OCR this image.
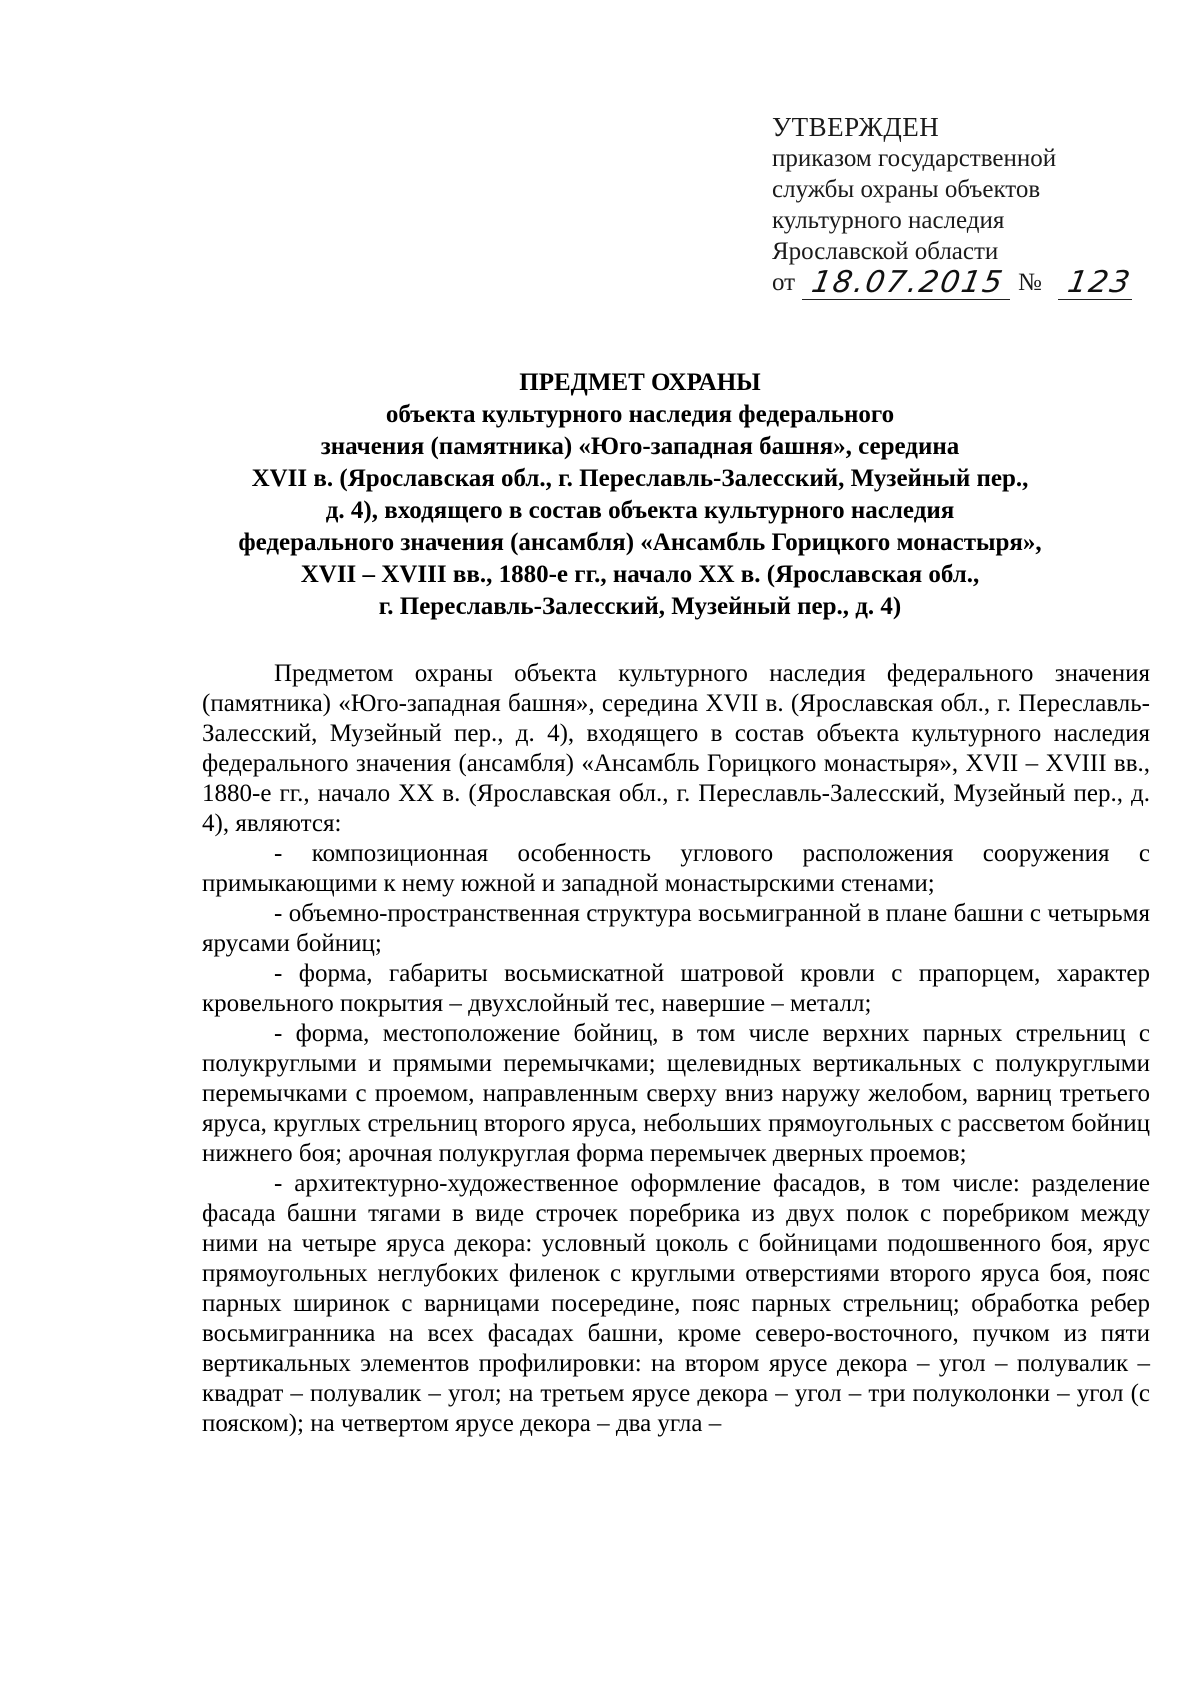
УТВЕРЖДЕН
приказом государственной
службы охраны объектов
культурного наследия
Ярославской области
от 18.07.2015 № 123
ПРЕДМЕТ ОХРАНЫ
объекта культурного наследия федерального
значения (памятника) «Юго-западная башня», середина
XVII в. (Ярославская обл., г. Переславль-Залесский, Музейный пер.,
д. 4), входящего в состав объекта культурного наследия
федерального значения (ансамбля) «Ансамбль Горицкого монастыря»,
XVII – XVIII вв., 1880-е гг., начало XX в. (Ярославская обл.,
г. Переславль-Залесский, Музейный пер., д. 4)

Предметом охраны объекта культурного наследия федерального значения (памятника) «Юго-западная башня», середина XVII в. (Ярославская обл., г. Переславль-Залесский, Музейный пер., д. 4), входящего в состав объекта культурного наследия федерального значения (ансамбля) «Ансамбль Горицкого монастыря», XVII – XVIII вв., 1880-е гг., начало XX в. (Ярославская обл., г. Переславль-Залесский, Музейный пер., д. 4), являются:

- композиционная особенность углового расположения сооружения с примыкающими к нему южной и западной монастырскими стенами;

- объемно-пространственная структура восьмигранной в плане башни с четырьмя ярусами бойниц;

- форма, габариты восьмискатной шатровой кровли с прапорцем, характер кровельного покрытия – двухслойный тес, навершие – металл;

- форма, местоположение бойниц, в том числе верхних парных стрельниц с полукруглыми и прямыми перемычками; щелевидных вертикальных с полукруглыми перемычками с проемом, направленным сверху вниз наружу желобом, варниц третьего яруса, круглых стрельниц второго яруса, небольших прямоугольных с рассветом бойниц нижнего боя; арочная полукруглая форма перемычек дверных проемов;

- архитектурно-художественное оформление фасадов, в том числе: разделение фасада башни тягами в виде строчек поребрика из двух полок с поребриком между ними на четыре яруса декора: условный цоколь с бойницами подошвенного боя, ярус прямоугольных неглубоких филенок с круглыми отверстиями второго яруса боя, пояс парных ширинок с варницами посередине, пояс парных стрельниц; обработка ребер восьмигранника на всех фасадах башни, кроме северо-восточного, пучком из пяти вертикальных элементов профилировки: на втором ярусе декора – угол – полувалик – квадрат – полувалик – угол; на третьем ярусе декора – угол – три полуколонки – угол (с пояском); на четвертом ярусе декора – два угла –
